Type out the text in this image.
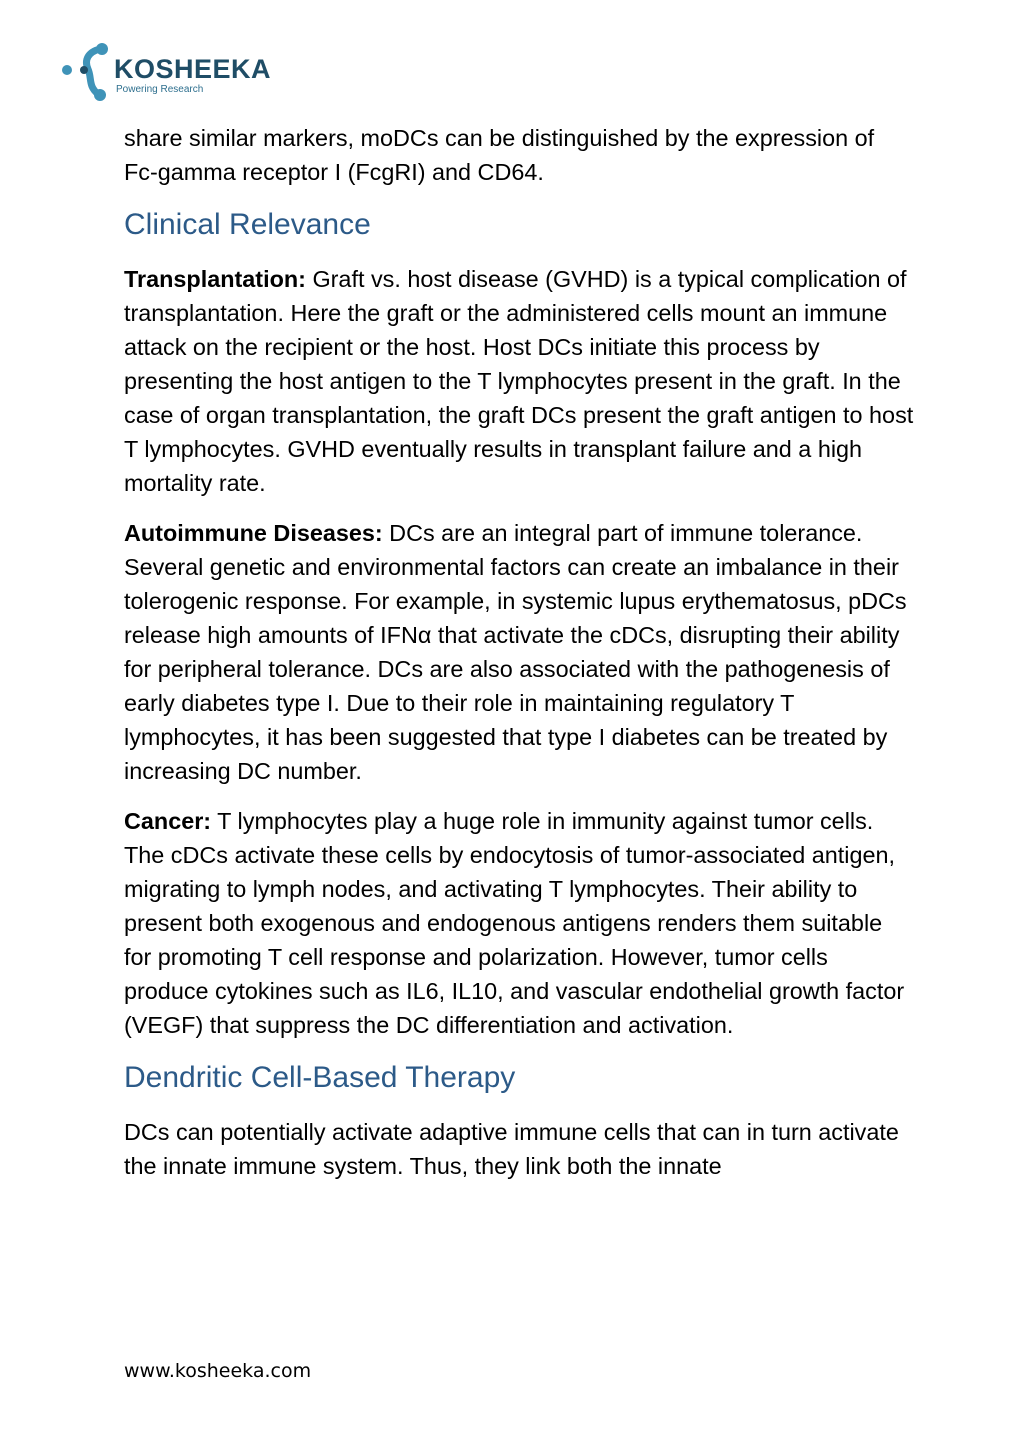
KOSHEEKA
Powering Research

share similar markers, moDCs can be distinguished by the expression of Fc-gamma receptor I (FcgRI) and CD64.

Clinical Relevance

Transplantation: Graft vs. host disease (GVHD) is a typical complication of transplantation. Here the graft or the administered cells mount an immune attack on the recipient or the host. Host DCs initiate this process by presenting the host antigen to the T lymphocytes present in the graft. In the case of organ transplantation, the graft DCs present the graft antigen to host T lymphocytes. GVHD eventually results in transplant failure and a high mortality rate.

Autoimmune Diseases: DCs are an integral part of immune tolerance. Several genetic and environmental factors can create an imbalance in their tolerogenic response. For example, in systemic lupus erythematosus, pDCs release high amounts of IFNα that activate the cDCs, disrupting their ability for peripheral tolerance. DCs are also associated with the pathogenesis of early diabetes type I. Due to their role in maintaining regulatory T lymphocytes, it has been suggested that type I diabetes can be treated by increasing DC number.

Cancer: T lymphocytes play a huge role in immunity against tumor cells. The cDCs activate these cells by endocytosis of tumor-associated antigen, migrating to lymph nodes, and activating T lymphocytes. Their ability to present both exogenous and endogenous antigens renders them suitable for promoting T cell response and polarization. However, tumor cells produce cytokines such as IL6, IL10, and vascular endothelial growth factor (VEGF) that suppress the DC differentiation and activation.

Dendritic Cell-Based Therapy

DCs can potentially activate adaptive immune cells that can in turn activate the innate immune system. Thus, they link both the innate

www.kosheeka.com
